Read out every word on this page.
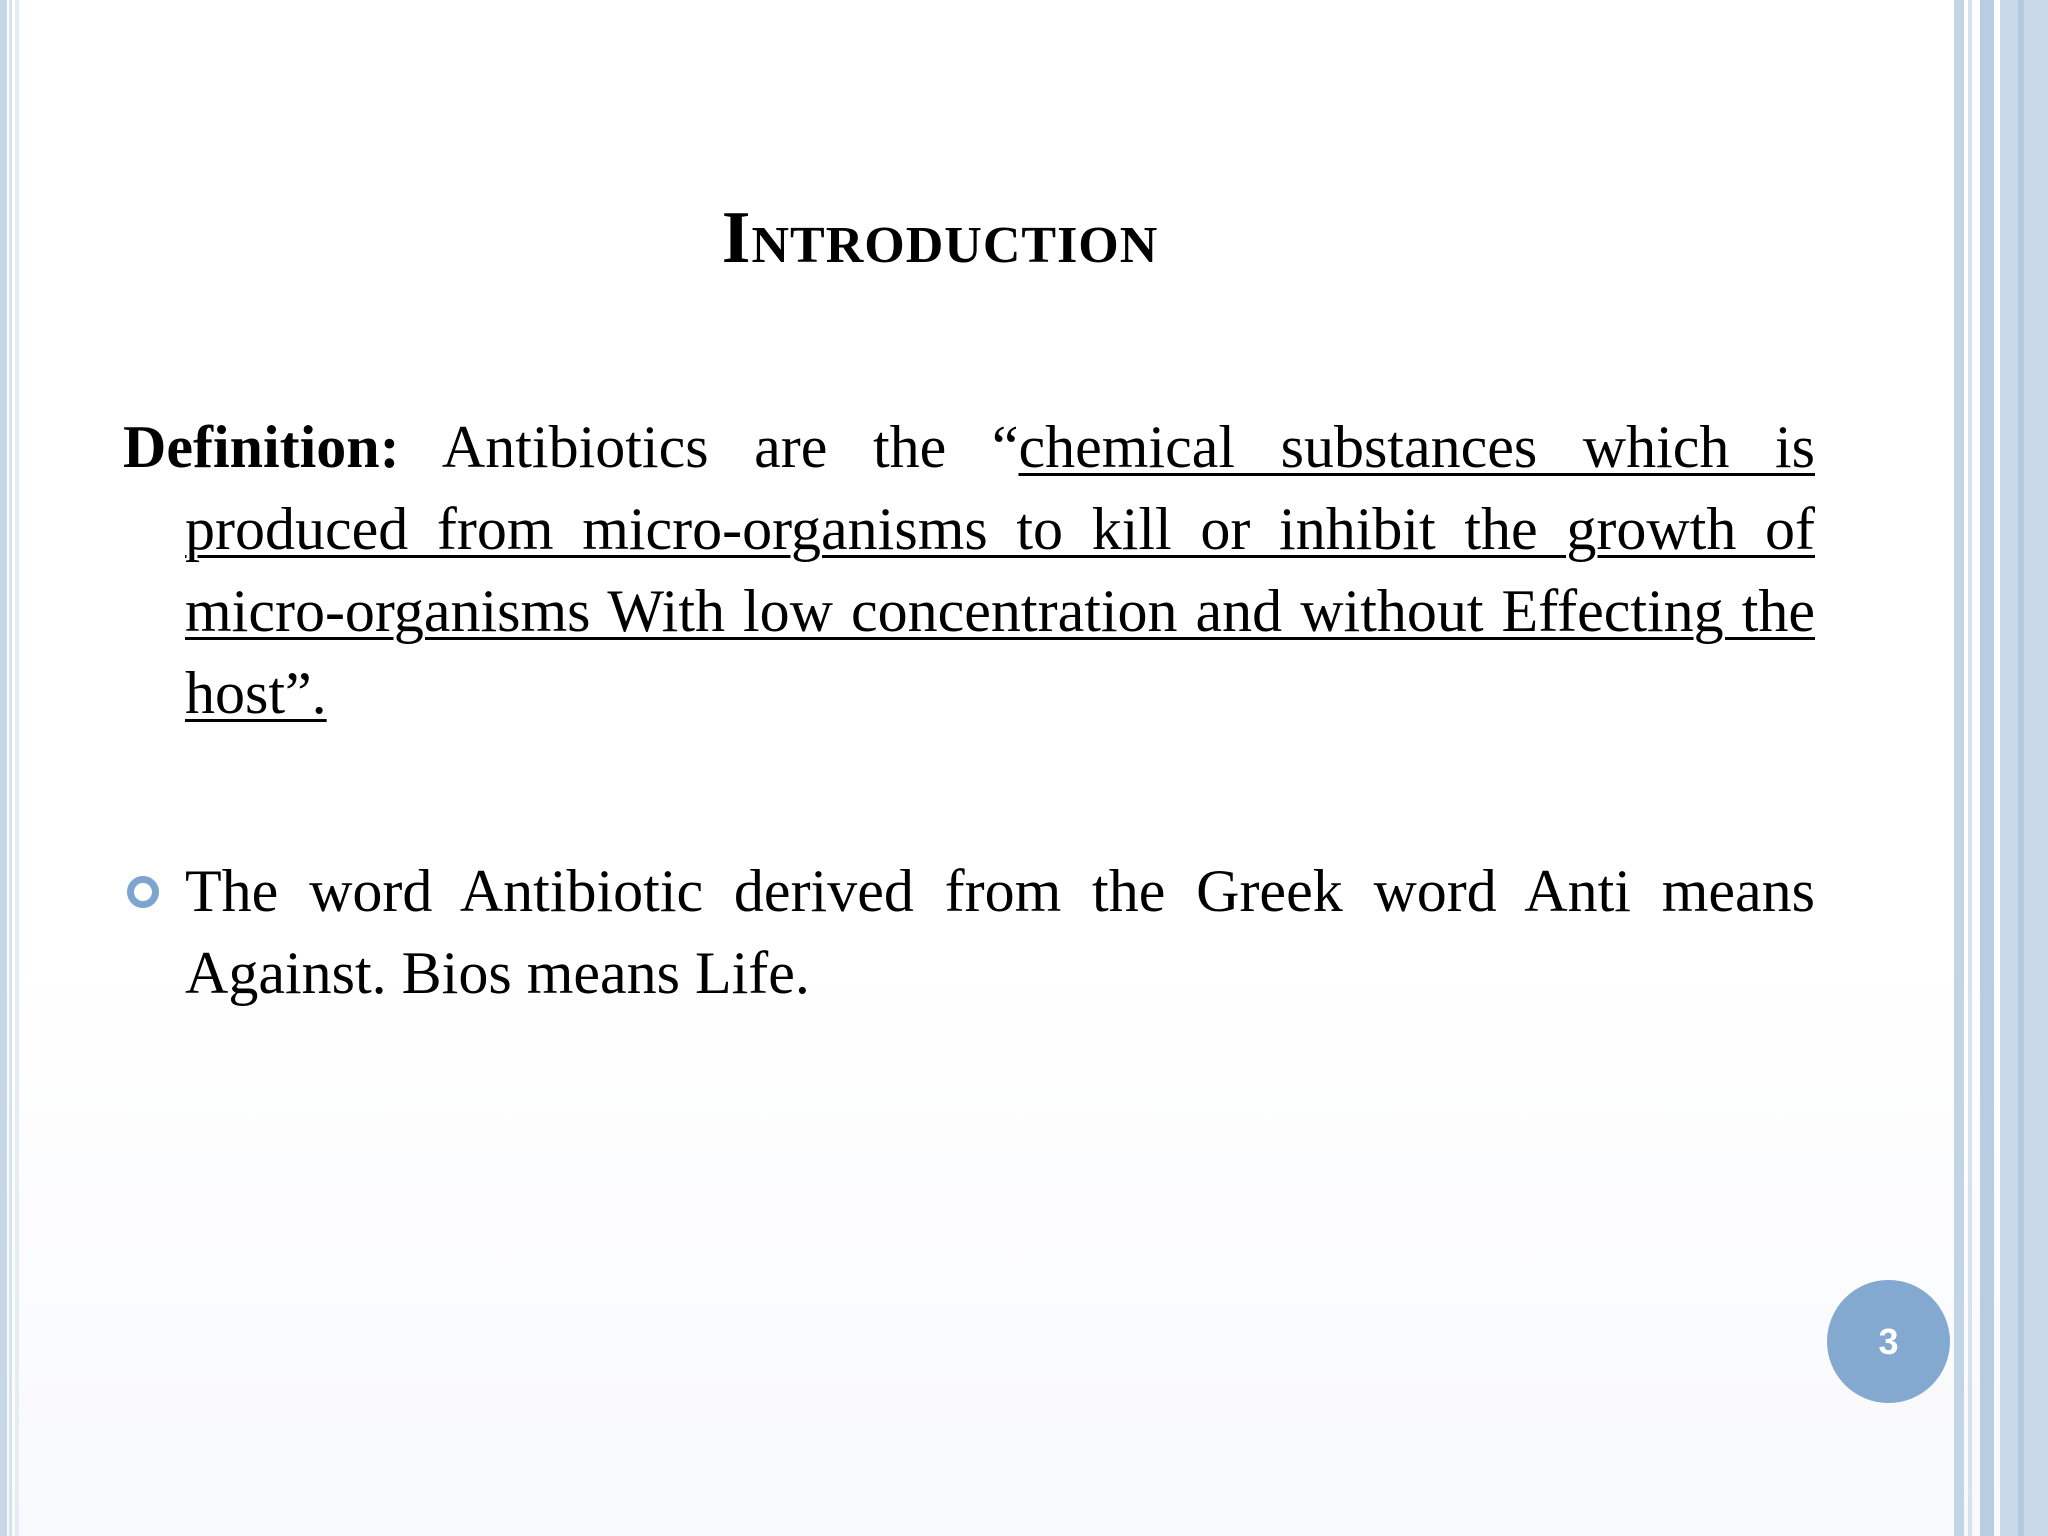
Introduction

Definition: Antibiotics are the “chemical substances which is produced from micro-organisms to kill or inhibit the growth of micro-organisms With low concentration and without Effecting the host”.

The word Antibiotic derived from the Greek word Anti means Against. Bios means Life.

3
